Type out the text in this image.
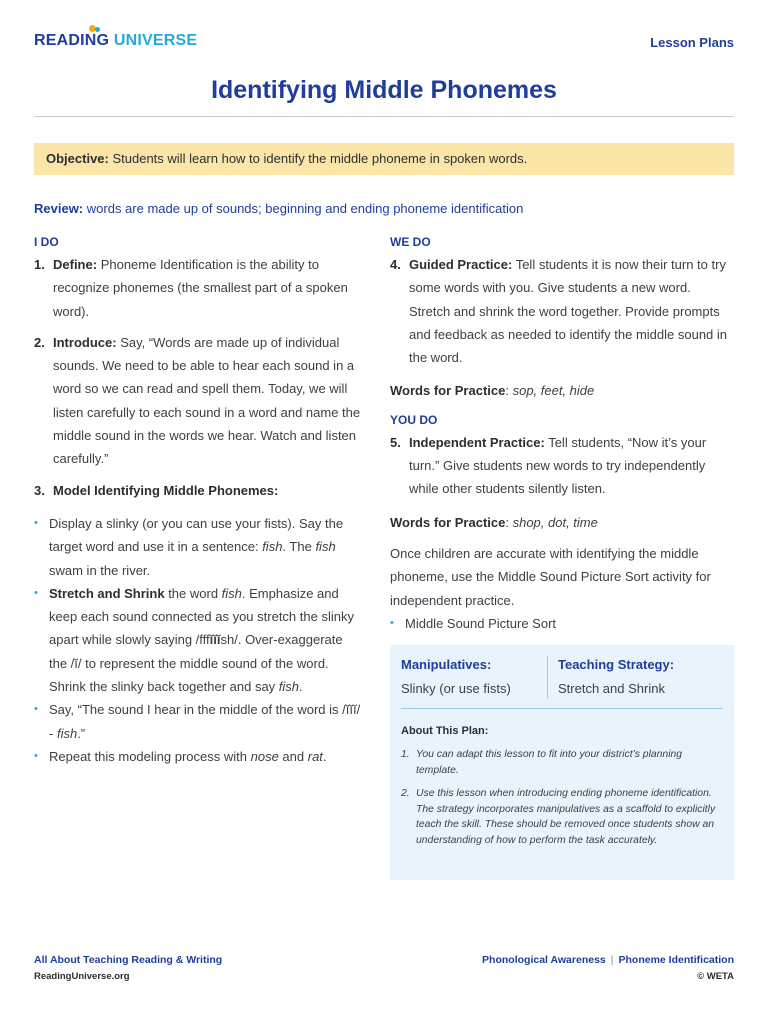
READING UNIVERSE	Lesson Plans
Identifying Middle Phonemes
Objective: Students will learn how to identify the middle phoneme in spoken words.
Review: words are made up of sounds; beginning and ending phoneme identification
I DO
1. Define: Phoneme Identification is the ability to recognize phonemes (the smallest part of a spoken word).
2. Introduce: Say, “Words are made up of individual sounds. We need to be able to hear each sound in a word so we can read and spell them. Today, we will listen carefully to each sound in a word and name the middle sound in the words we hear. Watch and listen carefully.”
3. Model Identifying Middle Phonemes:
• Display a slinky (or you can use your fists). Say the target word and use it in a sentence: fish. The fish swam in the river.
• Stretch and Shrink the word fish. Emphasize and keep each sound connected as you stretch the slinky apart while slowly saying /fffĭĭĭsh/. Over-exaggerate the /ĭ/ to represent the middle sound of the word. Shrink the slinky back together and say fish.
• Say, “The sound I hear in the middle of the word is /ĭĭĭ/ - fish.”
• Repeat this modeling process with nose and rat.
WE DO
4. Guided Practice: Tell students it is now their turn to try some words with you. Give students a new word. Stretch and shrink the word together. Provide prompts and feedback as needed to identify the middle sound in the word.
Words for Practice: sop, feet, hide
YOU DO
5. Independent Practice: Tell students, “Now it’s your turn.” Give students new words to try independently while other students silently listen.
Words for Practice: shop, dot, time

Once children are accurate with identifying the middle phoneme, use the Middle Sound Picture Sort activity for independent practice.

• Middle Sound Picture Sort
Manipulatives:
Slinky (or use fists)
Teaching Strategy:
Stretch and Shrink
About This Plan:
1. You can adapt this lesson to fit into your district’s planning template.
2. Use this lesson when introducing ending phoneme identification. The strategy incorporates manipulatives as a scaffold to explicitly teach the skill. These should be removed once students show an understanding of how to perform the task accurately.
All About Teaching Reading & Writing
ReadingUniverse.org
Phonological Awareness | Phoneme Identification
© WETA
